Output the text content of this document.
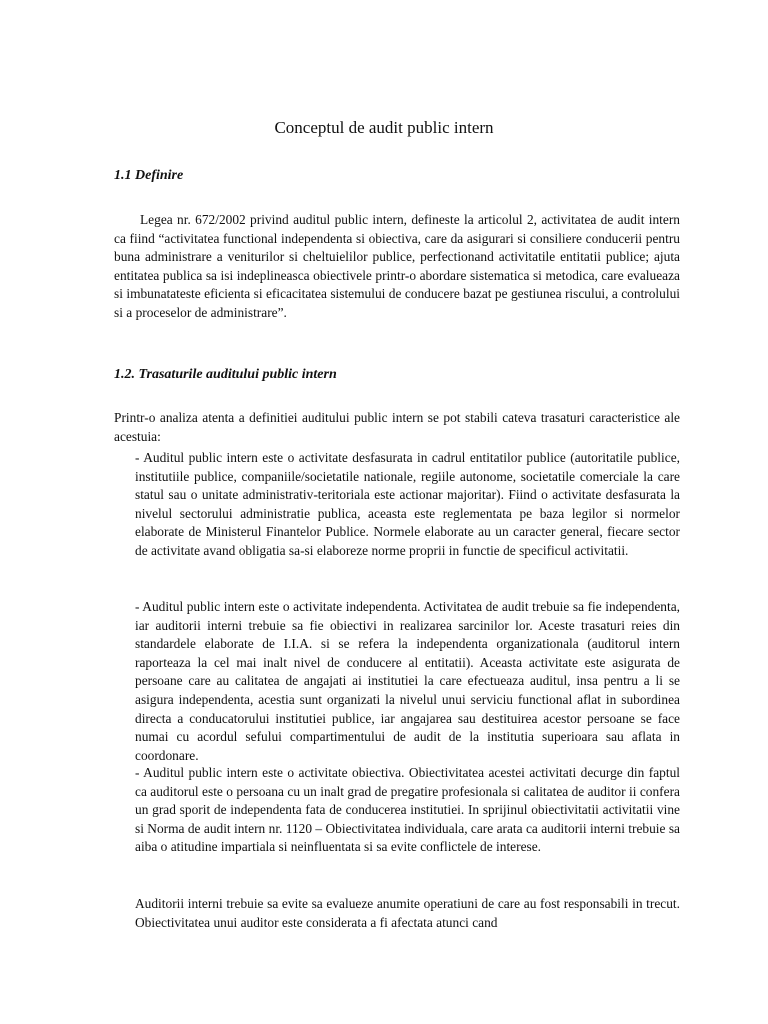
Conceptul de audit public intern
1.1 Definire
Legea nr. 672/2002 privind auditul public intern, defineste la articolul 2, activitatea de audit intern ca fiind “activitatea functional independenta si obiectiva, care da asigurari si consiliere conducerii pentru buna administrare a veniturilor si cheltuielilor publice, perfectionand activitatile entitatii publice; ajuta entitatea publica sa isi indeplineasca obiectivele printr-o abordare sistematica si metodica, care evalueaza si imbunatateste eficienta si eficacitatea sistemului de conducere bazat pe gestiunea riscului, a controlului si a proceselor de administrare”.
1.2. Trasaturile auditului public intern
Printr-o analiza atenta a definitiei auditului public intern se pot stabili cateva trasaturi caracteristice ale acestuia:
- Auditul public intern este o activitate desfasurata in cadrul entitatilor publice (autoritatile publice, institutiile publice, companiile/societatile nationale, regiile autonome, societatile comerciale la care statul sau o unitate administrativ-teritoriala este actionar majoritar). Fiind o activitate desfasurata la nivelul sectorului administratie publica, aceasta este reglementata pe baza legilor si normelor elaborate de Ministerul Finantelor Publice. Normele elaborate au un caracter general, fiecare sector de activitate avand obligatia sa-si elaboreze norme proprii in functie de specificul activitatii.
- Auditul public intern este o activitate independenta. Activitatea de audit trebuie sa fie independenta, iar auditorii interni trebuie sa fie obiectivi in realizarea sarcinilor lor. Aceste trasaturi reies din standardele elaborate de I.I.A. si se refera la independenta organizationala (auditorul intern raporteaza la cel mai inalt nivel de conducere al entitatii). Aceasta activitate este asigurata de persoane care au calitatea de angajati ai institutiei la care efectueaza auditul, insa pentru a li se asigura independenta, acestia sunt organizati la nivelul unui serviciu functional aflat in subordinea directa a conducatorului institutiei publice, iar angajarea sau destituirea acestor persoane se face numai cu acordul sefului compartimentului de audit de la institutia superioara sau aflata in coordonare.
- Auditul public intern este o activitate obiectiva. Obiectivitatea acestei activitati decurge din faptul ca auditorul este o persoana cu un inalt grad de pregatire profesionala si calitatea de auditor ii confera un grad sporit de independenta fata de conducerea institutiei. In sprijinul obiectivitatii activitatii vine si Norma de audit intern nr. 1120 – Obiectivitatea individuala, care arata ca auditorii interni trebuie sa aiba o atitudine impartiala si neinfluentata si sa evite conflictele de interese.
Auditorii interni trebuie sa evite sa evalueze anumite operatiuni de care au fost responsabili in trecut. Obiectivitatea unui auditor este considerata a fi afectata atunci cand
